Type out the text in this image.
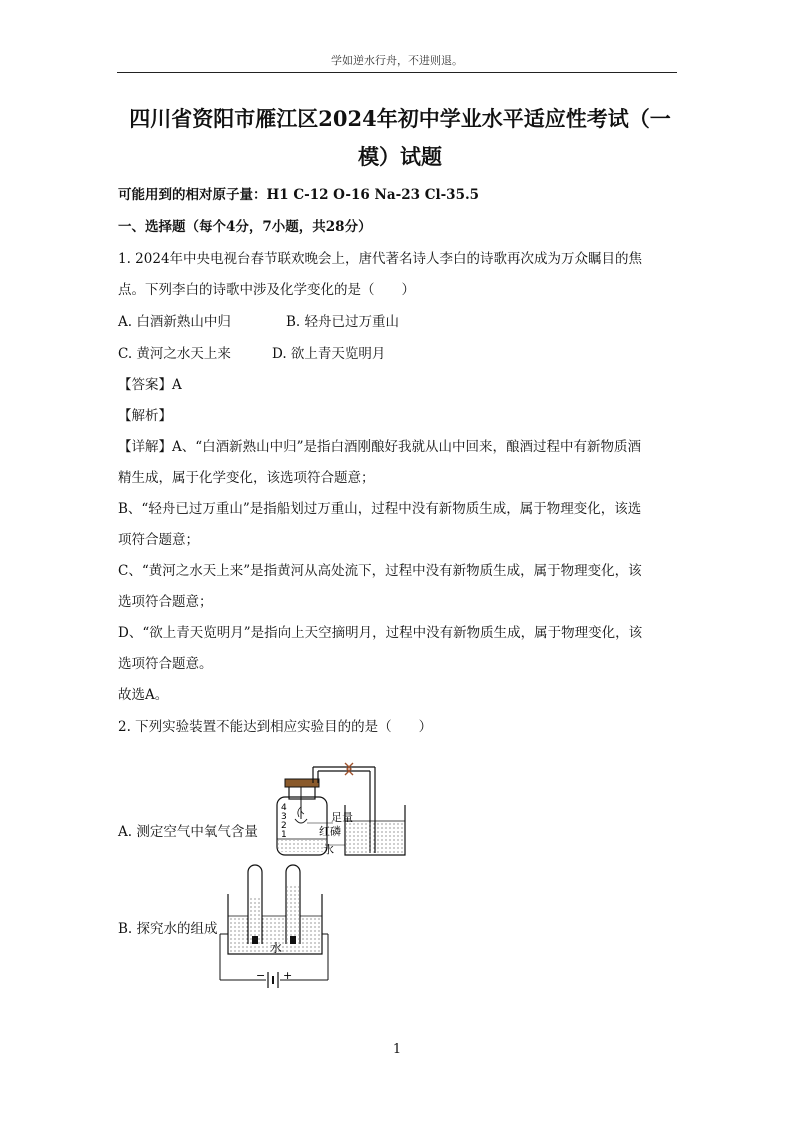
学如逆水行舟，不进则退。
四川省资阳市雁江区2024年初中学业水平适应性考试（一
模）试题
可能用到的相对原子量：H1 C-12 O-16 Na-23 Cl-35.5
一、选择题（每个4分，7小题，共28分）
1. 2024年中央电视台春节联欢晚会上，唐代著名诗人李白的诗歌再次成为万众瞩目的焦
点。下列李白的诗歌中涉及化学变化的是（　　）
A. 白酒新熟山中归	B. 轻舟已过万重山
C. 黄河之水天上来	D. 欲上青天览明月
【答案】A
【解析】
【详解】A、“白酒新熟山中归”是指白酒刚酿好我就从山中回来，酿酒过程中有新物质酒
精生成，属于化学变化，该选项符合题意；
B、“轻舟已过万重山”是指船划过万重山，过程中没有新物质生成，属于物理变化，该选
项符合题意；
C、“黄河之水天上来”是指黄河从高处流下，过程中没有新物质生成，属于物理变化，该
选项符合题意；
D、“欲上青天览明月”是指向上天空摘明月，过程中没有新物质生成，属于物理变化，该
选项符合题意。
故选A。
2. 下列实验装置不能达到相应实验目的的是（　　）
A. 测定空气中氧气含量
4
3
2
1
足量
红磷
水
B. 探究水的组成
水
− +
1
